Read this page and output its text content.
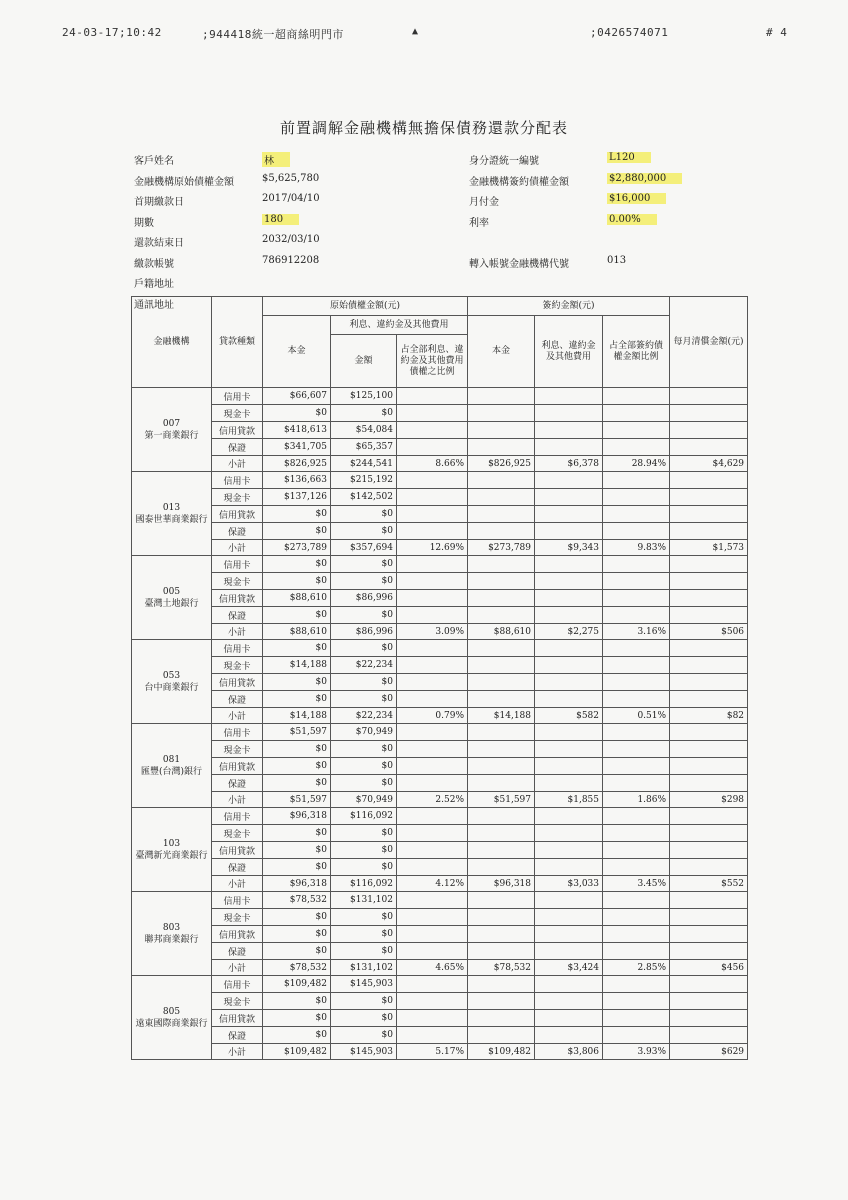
24-03-17;10:42	;944418統一超商絲明門市	▲	;0426574071	# 4
前置調解金融機構無擔保債務還款分配表
客戶姓名	林
金融機構原始債權金額	$5,625,780
首期繳款日	2017/04/10
期數	180
還款結束日	2032/03/10
繳款帳號	786912208
戶籍地址
通訊地址
身分證統一編號	L120
金融機構簽約債權金額	$2,880,000
月付金	$16,000
利率	0.00%
轉入帳號金融機構代號	013
金融機構	貸款種類	原始債權金額(元)			簽約金額(元)			每月清償金額(元)
		本金	利息、違約金及其他費用		本金	利息、違約金及其他費用	占全部簽約債權金額比例	
			金額	占全部利息、違約金及其他費用債權之比例				

007
第一商業銀行	信用卡	$66,607	$125,100					
	現金卡	$0	$0					
	信用貸款	$418,613	$54,084					
	保證	$341,705	$65,357					
	小計	$826,925	$244,541	8.66%	$826,925	$6,378	28.94%	$4,629

013
國泰世華商業銀行	信用卡	$136,663	$215,192					
	現金卡	$137,126	$142,502					
	信用貸款	$0	$0					
	保證	$0	$0					
	小計	$273,789	$357,694	12.69%	$273,789	$9,343	9.83%	$1,573

005
臺灣土地銀行	信用卡	$0	$0					
	現金卡	$0	$0					
	信用貸款	$88,610	$86,996					
	保證	$0	$0					
	小計	$88,610	$86,996	3.09%	$88,610	$2,275	3.16%	$506

053
台中商業銀行	信用卡	$0	$0					
	現金卡	$14,188	$22,234					
	信用貸款	$0	$0					
	保證	$0	$0					
	小計	$14,188	$22,234	0.79%	$14,188	$582	0.51%	$82

081
匯豐(台灣)銀行	信用卡	$51,597	$70,949					
	現金卡	$0	$0					
	信用貸款	$0	$0					
	保證	$0	$0					
	小計	$51,597	$70,949	2.52%	$51,597	$1,855	1.86%	$298

103
臺灣新光商業銀行	信用卡	$96,318	$116,092					
	現金卡	$0	$0					
	信用貸款	$0	$0					
	保證	$0	$0					
	小計	$96,318	$116,092	4.12%	$96,318	$3,033	3.45%	$552

803
聯邦商業銀行	信用卡	$78,532	$131,102					
	現金卡	$0	$0					
	信用貸款	$0	$0					
	保證	$0	$0					
	小計	$78,532	$131,102	4.65%	$78,532	$3,424	2.85%	$456

805
遠東國際商業銀行	信用卡	$109,482	$145,903					
	現金卡	$0	$0					
	信用貸款	$0	$0					
	保證	$0	$0					
	小計	$109,482	$145,903	5.17%	$109,482	$3,806	3.93%	$629
